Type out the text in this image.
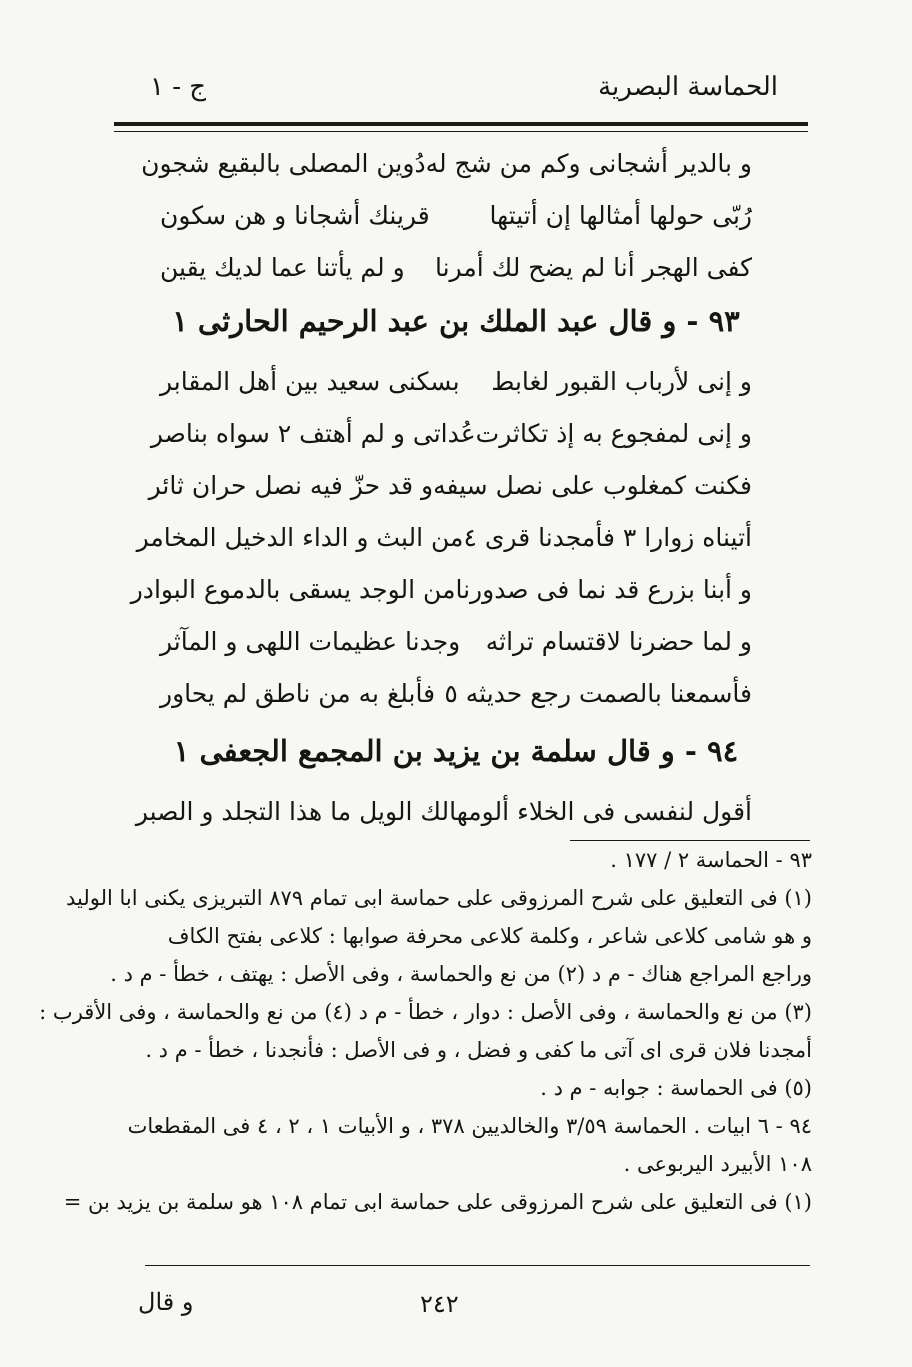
الحماسة البصرية
ج - ١
و بالدير أشجانى وكم من شج له
دُوين المصلى بالبقيع شجون
رُبّى حولها أمثالها إن أتيتها
قرينك أشجانا و هن سكون
كفى الهجر أنا لم يضح لك أمرنا
و لم يأتنا عما لديك يقين
٩٣ - و قال عبد الملك بن عبد الرحيم الحارثى ١
و إنى لأرباب القبور لغابط
بسكنى سعيد بين أهل المقابر
و إنى لمفجوع به إذ تكاثرت
عُداتى و لم أهتف ٢ سواه بناصر
فكنت كمغلوب على نصل سيفه
و قد حزّ فيه نصل حران ثائر
أتيناه زوارا ٣ فأمجدنا قرى ٤
من البث و الداء الدخيل المخامر
و أبنا بزرع قد نما فى صدورنا
من الوجد يسقى بالدموع البوادر
و لما حضرنا لاقتسام تراثه
وجدنا عظيمات اللهى و المآثر
فأسمعنا بالصمت رجع حديثه ٥
فأبلغ به من ناطق لم يحاور
٩٤ - و قال سلمة بن يزيد بن المجمع الجعفى ١
أقول لنفسى فى الخلاء ألومها
لك الويل ما هذا التجلد و الصبر
٩٣ - الحماسة ٢ / ١٧٧ .
(١) فى التعليق على شرح المرزوقى على حماسة ابى تمام ٨٧٩ التبريزى يكنى ابا الوليد
و هو شامى كلاعى شاعر ، وكلمة كلاعى محرفة صوابها : كلاعى بفتح الكاف
وراجع المراجع هناك - م د (٢) من نع والحماسة ، وفى الأصل : يهتف ، خطأ - م د .
(٣) من نع والحماسة ، وفى الأصل : دوار ، خطأ - م د (٤) من نع والحماسة ، وفى الأقرب :
أمجدنا فلان قرى اى آتى ما كفى و فضل ، و فى الأصل : فأنجدنا ، خطأ - م د .
(٥) فى الحماسة : جوابه - م د .
٩٤ - ٦ ابيات . الحماسة ٣/٥٩ والخالديين ٣٧٨ ، و الأبيات ١ ، ٢ ، ٤ فى المقطعات
١٠٨ الأبيرد اليربوعى .
(١) فى التعليق على شرح المرزوقى على حماسة ابى تمام ١٠٨ هو سلمة بن يزيد بن =
٢٤٢
و قال
